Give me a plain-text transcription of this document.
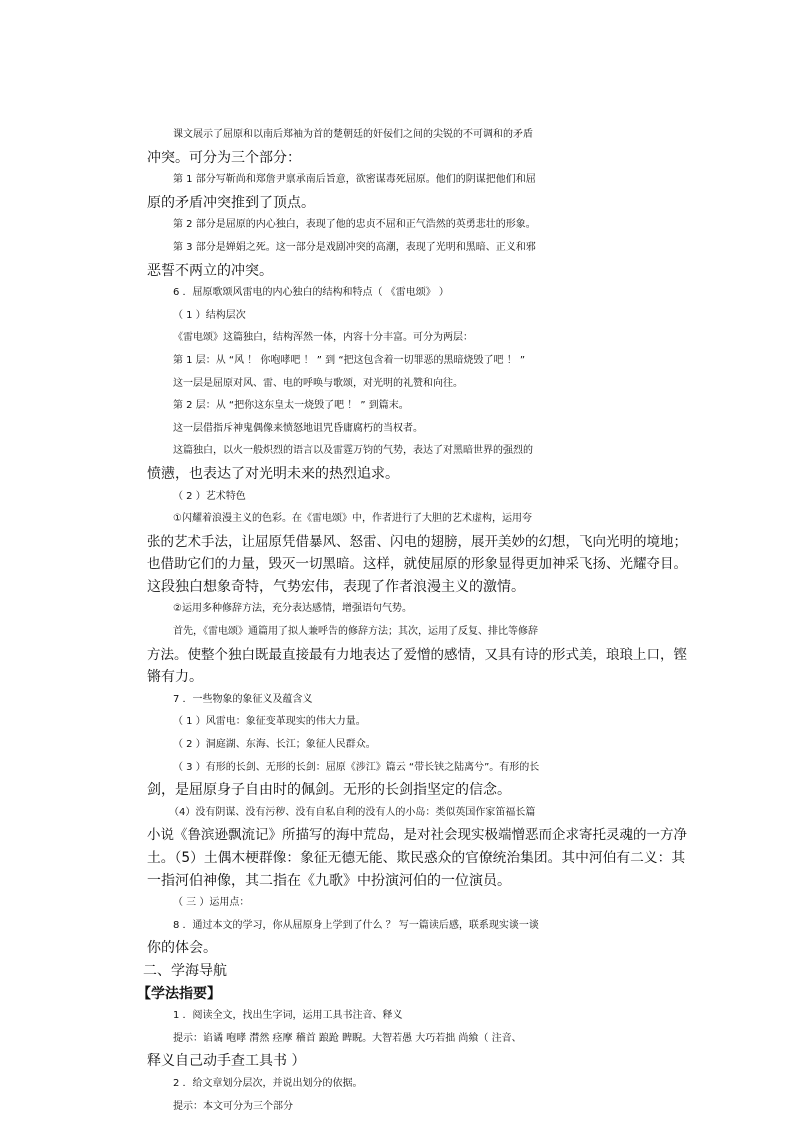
课文展示了屈原和以南后郑袖为首的楚朝廷的奸佞们之间的尖锐的不可调和的矛盾
冲突。可分为三个部分：
第 1 部分写靳尚和郑詹尹禀承南后旨意，欲密谋毒死屈原。他们的阴谋把他们和屈
原的矛盾冲突推到了顶点。
第 2 部分是屈原的内心独白，表现了他的忠贞不屈和正气浩然的英勇悲壮的形象。
第 3 部分是婵娟之死。这一部分是戏剧冲突的高潮，表现了光明和黑暗、正义和邪
恶誓不两立的冲突。
6 ．屈原歌颂风雷电的内心独白的结构和特点（ 《雷电颂》 ）
（ 1 ）结构层次
《雷电颂》这篇独白，结构浑然一体，内容十分丰富。可分为两层：
第 1 层：从 “风 ！ 你咆哮吧 ！ ” 到 “把这包含着一切罪恶的黑暗烧毁了吧 ！ ”
这一层是屈原对风、雷、电的呼唤与歌颂，对光明的礼赞和向往。
第 2 层：从 “把你这东皇太一烧毁了吧 ！ ” 到篇末。
这一层借指斥神鬼偶像来愤怒地诅咒昏庸腐朽的当权者。
这篇独白，以火一般炽烈的语言以及雷霆万钧的气势，表达了对黑暗世界的强烈的
愤懑，也表达了对光明未来的热烈追求。
（ 2 ）艺术特色
①闪耀着浪漫主义的色彩。在《雷电颂》中，作者进行了大胆的艺术虚构，运用夸
张的艺术手法，让屈原凭借暴风、怒雷、闪电的翅膀，展开美妙的幻想，飞向光明的境地；
也借助它们的力量，毁灭一切黑暗。这样，就使屈原的形象显得更加神采飞扬、光耀夺目。
这段独白想象奇特，气势宏伟，表现了作者浪漫主义的激情。
②运用多种修辞方法，充分表达感情，增强语句气势。
首先，《雷电颂》通篇用了拟人兼呼告的修辞方法；其次，运用了反复、排比等修辞
方法。使整个独白既最直接最有力地表达了爱憎的感情，又具有诗的形式美，琅琅上口，铿
锵有力。
7 ．一些物象的象征义及蕴含义
（ 1 ）风雷电：象征变革现实的伟大力量。
（ 2 ）洞庭湖、东海、长江；象征人民群众。
（ 3 ）有形的长剑、无形的长剑：屈原《涉江》篇云 “带长铗之陆离兮”。有形的长
剑，是屈原身子自由时的佩剑。无形的长剑指坚定的信念。
（4）没有阴谋、没有污秽、没有自私自利的没有人的小岛：类似英国作家笛福长篇
小说《鲁滨逊飘流记》所描写的海中荒岛，是对社会现实极端憎恶而企求寄托灵魂的一方净
土。（5）土偶木梗群像：象征无德无能、欺民惑众的官僚统治集团。其中河伯有二义：其
一指河伯神像，其二指在《九歌》中扮演河伯的一位演员。
（ 三 ）运用点：
8 ．通过本文的学习，你从屈原身上学到了什么 ？ 写一篇读后感，联系现实谈一谈
你的体会。
二、学海导航
【学法指要】
1 ．阅读全文，找出生字词，运用工具书注音、释义
提示：谄谲 咆哮 潸然 痉摩 稽首 踉跄 睥睨。大智若愚 大巧若拙 尚飨（ 注音、
释义自己动手查工具书 ）
2 ．给文章划分层次，并说出划分的依据。
提示：本文可分为三个部分
